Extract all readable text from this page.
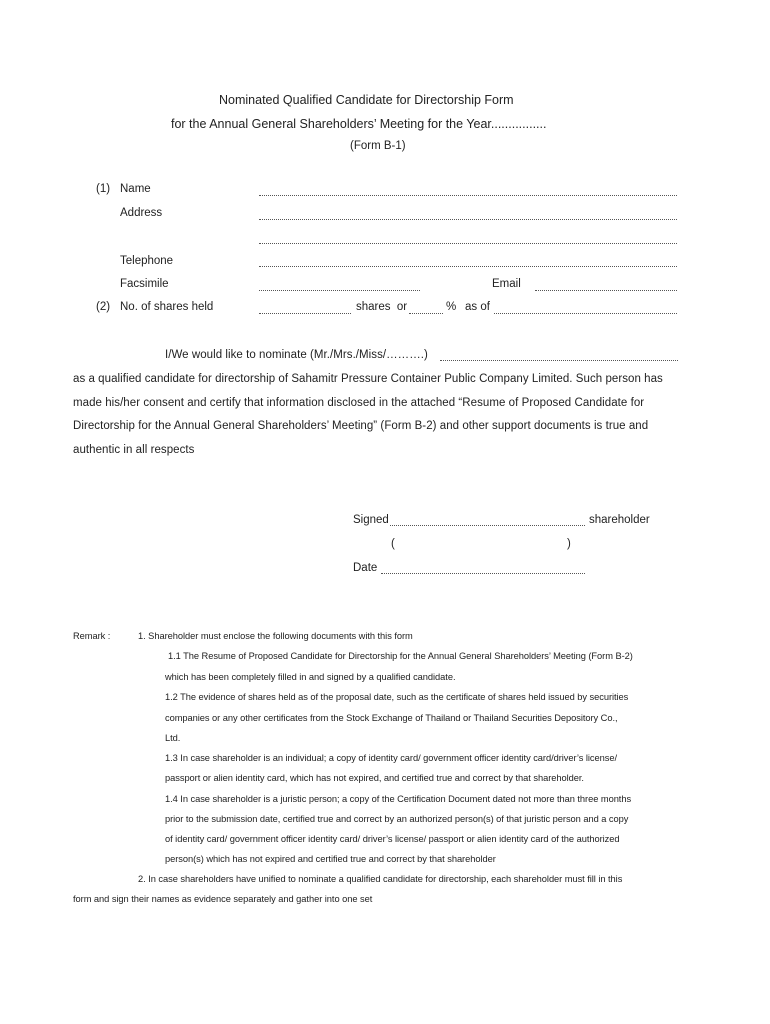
Nominated Qualified Candidate for Directorship Form
for the Annual General Shareholders’ Meeting for the Year................
(Form B-1)
(1) Name
Address
Telephone
Facsimile	Email
(2) No. of shares held	shares  or	% as of
I/We would like to nominate (Mr./Mrs./Miss/……….)
as a qualified candidate for directorship of Sahamitr Pressure Container Public Company Limited. Such person has
made his/her consent and certify that information disclosed in the attached “Resume of Proposed Candidate for
Directorship for the Annual General Shareholders’ Meeting” (Form B-2) and other support documents is true and
authentic in all respects
Signed	shareholder
(	)
Date
Remark :	1. Shareholder must enclose the following documents with this form
1.1 The Resume of Proposed Candidate for Directorship for the Annual General Shareholders’ Meeting (Form B-2)
which has been completely filled in and signed by a qualified candidate.
1.2 The evidence of shares held as of the proposal date, such as the certificate of shares held issued by securities
companies or any other certificates from the Stock Exchange of Thailand or Thailand Securities Depository Co.,
Ltd.
1.3 In case shareholder is an individual; a copy of identity card/ government officer identity card/driver’s license/
passport or alien identity card, which has not expired, and certified true and correct by that shareholder.
1.4 In case shareholder is a juristic person; a copy of the Certification Document dated not more than three months
prior to the submission date, certified true and correct by an authorized person(s) of that juristic person and a copy
of identity card/ government officer identity card/ driver’s license/ passport or alien identity card of the authorized
person(s) which has not expired and certified true and correct by that shareholder
2. In case shareholders have unified to nominate a qualified candidate for directorship, each shareholder must fill in this
form and sign their names as evidence separately and gather into one set
